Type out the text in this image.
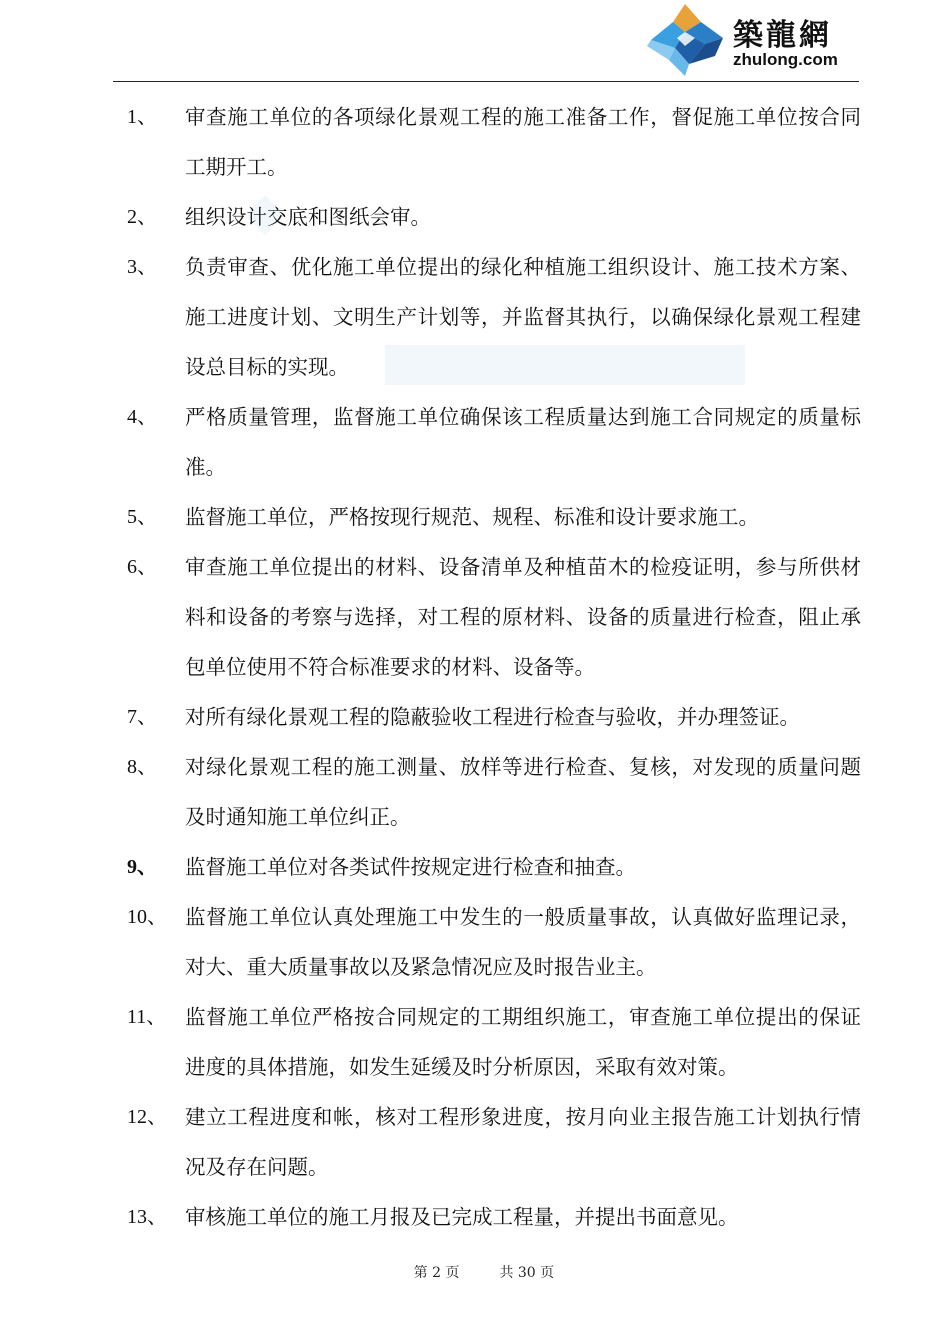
築龍網
zhulong.com
1、 审查施工单位的各项绿化景观工程的施工准备工作，督促施工单位按合同工期开工。
2、 组织设计交底和图纸会审。
3、 负责审查、优化施工单位提出的绿化种植施工组织设计、施工技术方案、施工进度计划、文明生产计划等，并监督其执行，以确保绿化景观工程建设总目标的实现。
4、 严格质量管理，监督施工单位确保该工程质量达到施工合同规定的质量标准。
5、 监督施工单位，严格按现行规范、规程、标准和设计要求施工。
6、 审查施工单位提出的材料、设备清单及种植苗木的检疫证明，参与所供材料和设备的考察与选择，对工程的原材料、设备的质量进行检查，阻止承包单位使用不符合标准要求的材料、设备等。
7、 对所有绿化景观工程的隐蔽验收工程进行检查与验收，并办理签证。
8、 对绿化景观工程的施工测量、放样等进行检查、复核，对发现的质量问题及时通知施工单位纠正。
9、 监督施工单位对各类试件按规定进行检查和抽查。
10、 监督施工单位认真处理施工中发生的一般质量事故，认真做好监理记录，对大、重大质量事故以及紧急情况应及时报告业主。
11、 监督施工单位严格按合同规定的工期组织施工，审查施工单位提出的保证进度的具体措施，如发生延缓及时分析原因，采取有效对策。
12、 建立工程进度和帐，核对工程形象进度，按月向业主报告施工计划执行情况及存在问题。
13、 审核施工单位的施工月报及已完成工程量，并提出书面意见。

第 2 页	共 30 页
